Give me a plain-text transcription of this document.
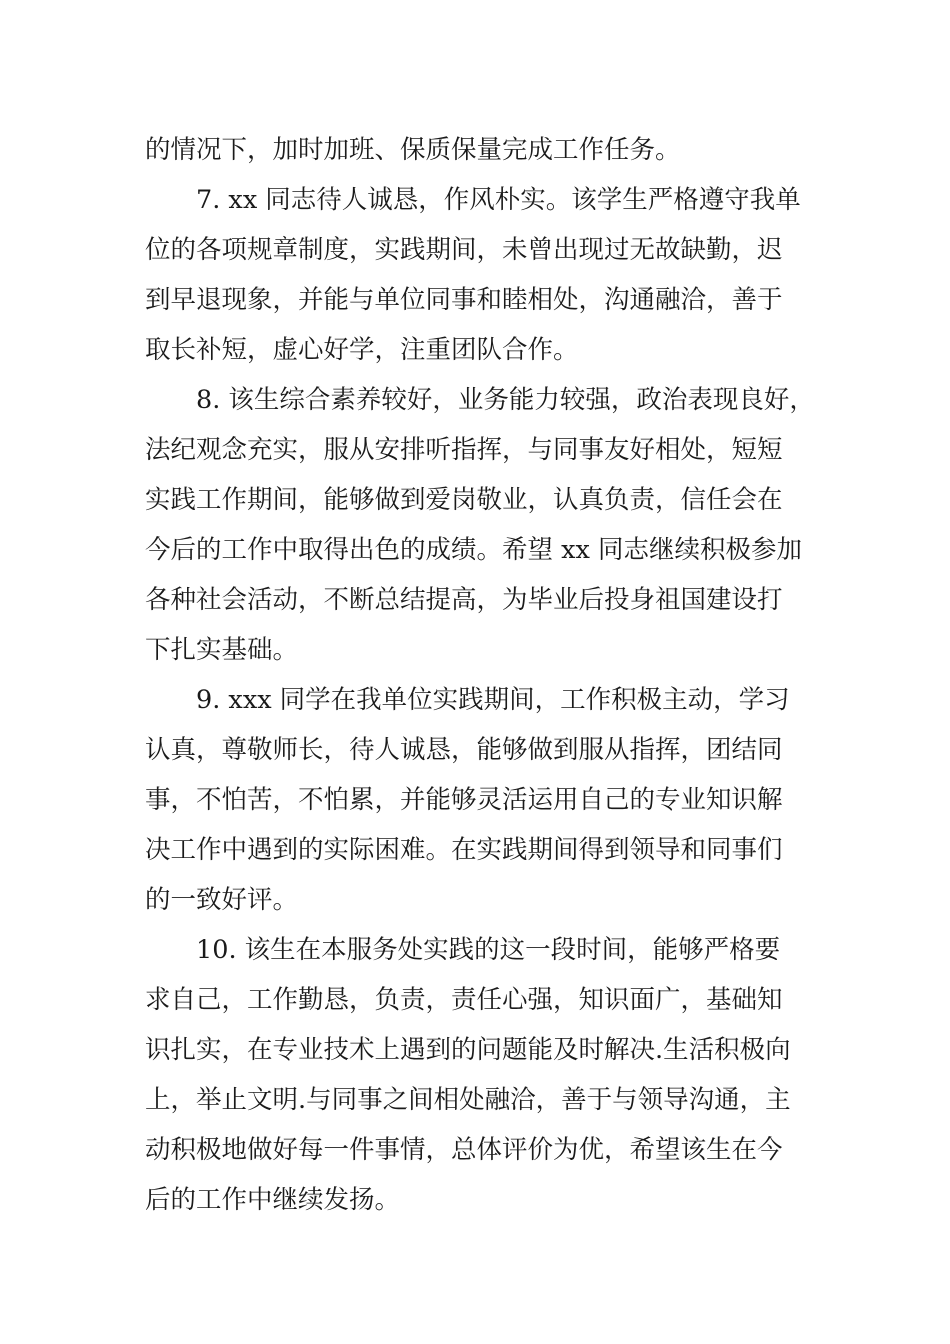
的情况下，加时加班、保质保量完成工作任务。
7. xx 同志待人诚恳，作风朴实。该学生严格遵守我单
位的各项规章制度，实践期间，未曾出现过无故缺勤，迟
到早退现象，并能与单位同事和睦相处，沟通融洽，善于
取长补短，虚心好学，注重团队合作。
8. 该生综合素养较好，业务能力较强，政治表现良好，
法纪观念充实，服从安排听指挥，与同事友好相处，短短
实践工作期间，能够做到爱岗敬业，认真负责，信任会在
今后的工作中取得出色的成绩。希望 xx 同志继续积极参加
各种社会活动，不断总结提高，为毕业后投身祖国建设打
下扎实基础。
9. xxx 同学在我单位实践期间，工作积极主动，学习
认真，尊敬师长，待人诚恳，能够做到服从指挥，团结同
事，不怕苦，不怕累，并能够灵活运用自己的专业知识解
决工作中遇到的实际困难。在实践期间得到领导和同事们
的一致好评。
10. 该生在本服务处实践的这一段时间，能够严格要
求自己，工作勤恳，负责，责任心强，知识面广，基础知
识扎实，在专业技术上遇到的问题能及时解决.生活积极向
上，举止文明.与同事之间相处融洽，善于与领导沟通，主
动积极地做好每一件事情，总体评价为优，希望该生在今
后的工作中继续发扬。
